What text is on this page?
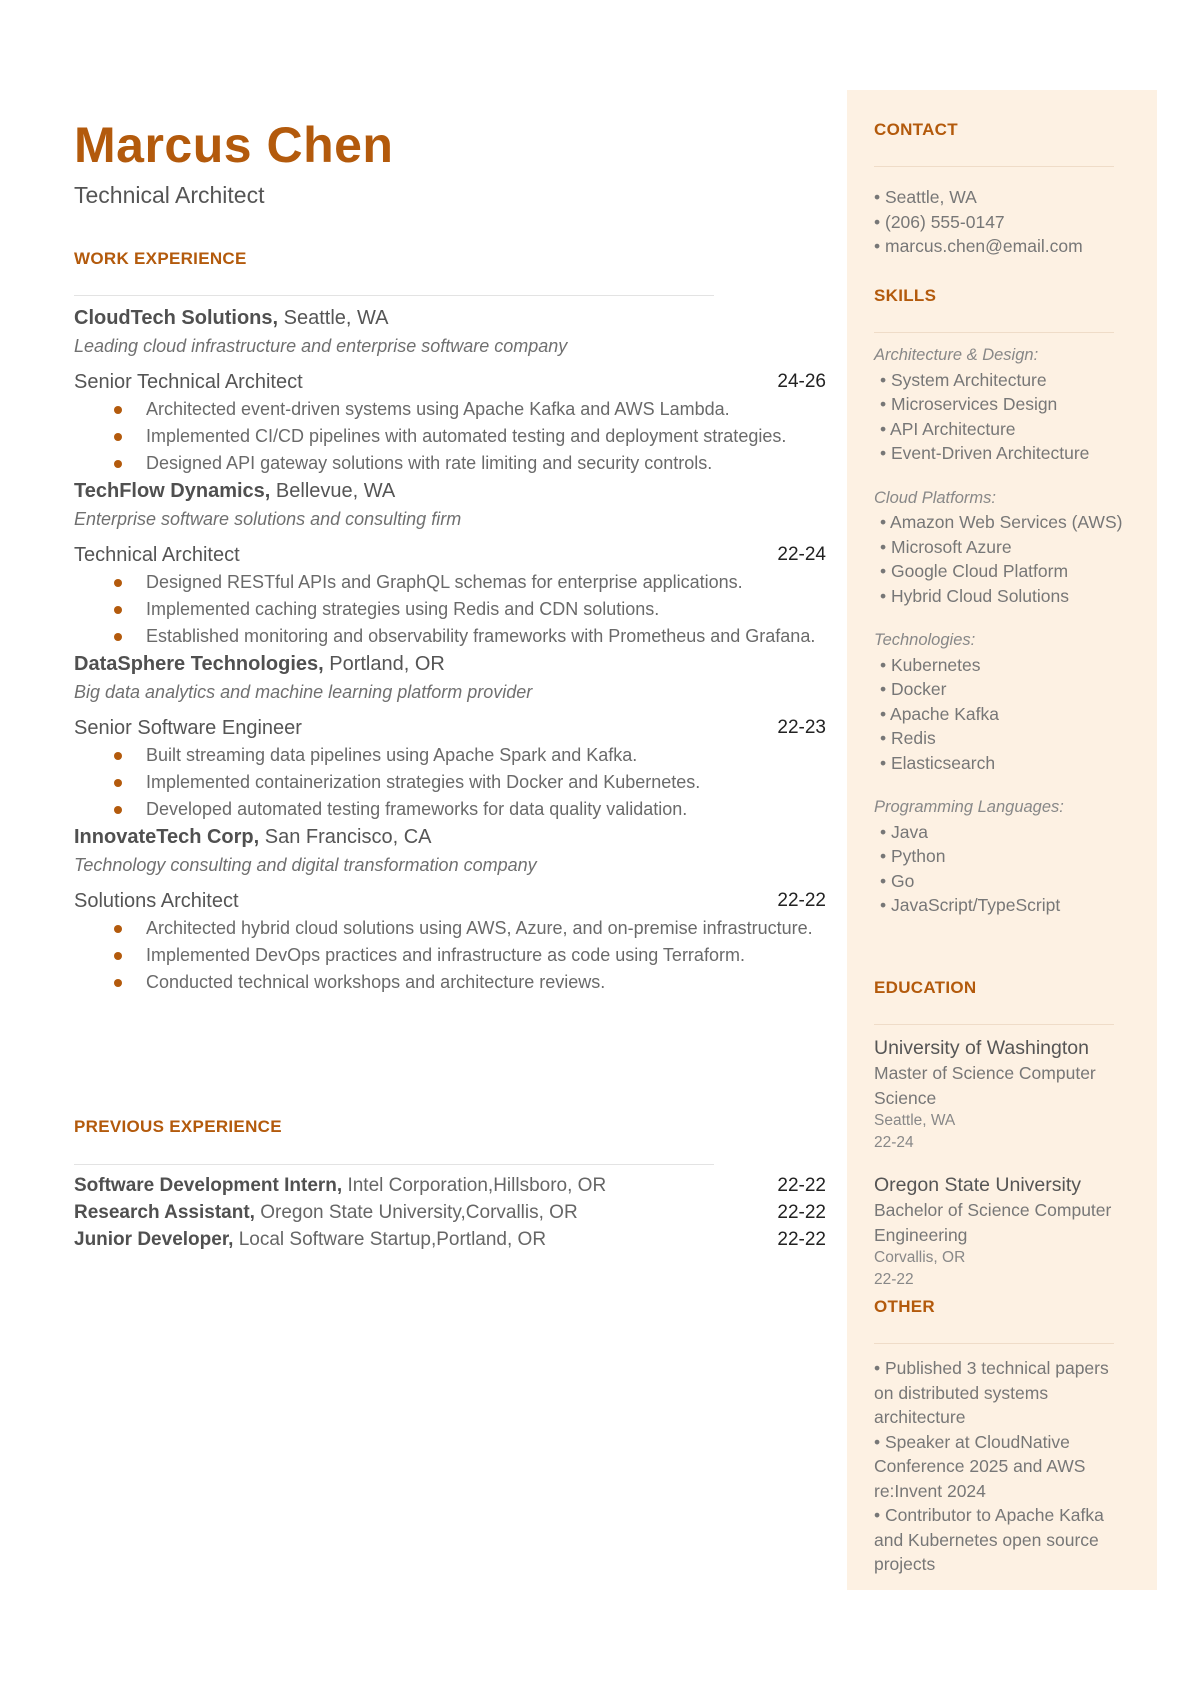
Marcus Chen
Technical Architect
WORK EXPERIENCE
CloudTech Solutions, Seattle, WA
Leading cloud infrastructure and enterprise software company
Senior Technical Architect	24-26
Architected event-driven systems using Apache Kafka and AWS Lambda.
Implemented CI/CD pipelines with automated testing and deployment strategies.
Designed API gateway solutions with rate limiting and security controls.
TechFlow Dynamics, Bellevue, WA
Enterprise software solutions and consulting firm
Technical Architect	22-24
Designed RESTful APIs and GraphQL schemas for enterprise applications.
Implemented caching strategies using Redis and CDN solutions.
Established monitoring and observability frameworks with Prometheus and Grafana.
DataSphere Technologies, Portland, OR
Big data analytics and machine learning platform provider
Senior Software Engineer	22-23
Built streaming data pipelines using Apache Spark and Kafka.
Implemented containerization strategies with Docker and Kubernetes.
Developed automated testing frameworks for data quality validation.
InnovateTech Corp, San Francisco, CA
Technology consulting and digital transformation company
Solutions Architect	22-22
Architected hybrid cloud solutions using AWS, Azure, and on-premise infrastructure.
Implemented DevOps practices and infrastructure as code using Terraform.
Conducted technical workshops and architecture reviews.
PREVIOUS EXPERIENCE
Software Development Intern, Intel Corporation,Hillsboro, OR	22-22
Research Assistant, Oregon State University,Corvallis, OR	22-22
Junior Developer, Local Software Startup,Portland, OR	22-22
CONTACT
• Seattle, WA
• (206) 555-0147
• marcus.chen@email.com
SKILLS
Architecture & Design:
• System Architecture
• Microservices Design
• API Architecture
• Event-Driven Architecture
Cloud Platforms:
• Amazon Web Services (AWS)
• Microsoft Azure
• Google Cloud Platform
• Hybrid Cloud Solutions
Technologies:
• Kubernetes
• Docker
• Apache Kafka
• Redis
• Elasticsearch
Programming Languages:
• Java
• Python
• Go
• JavaScript/TypeScript
EDUCATION
University of Washington
Master of Science Computer Science
Seattle, WA
22-24
Oregon State University
Bachelor of Science Computer Engineering
Corvallis, OR
22-22
OTHER
• Published 3 technical papers on distributed systems architecture
• Speaker at CloudNative Conference 2025 and AWS re:Invent 2024
• Contributor to Apache Kafka and Kubernetes open source projects
